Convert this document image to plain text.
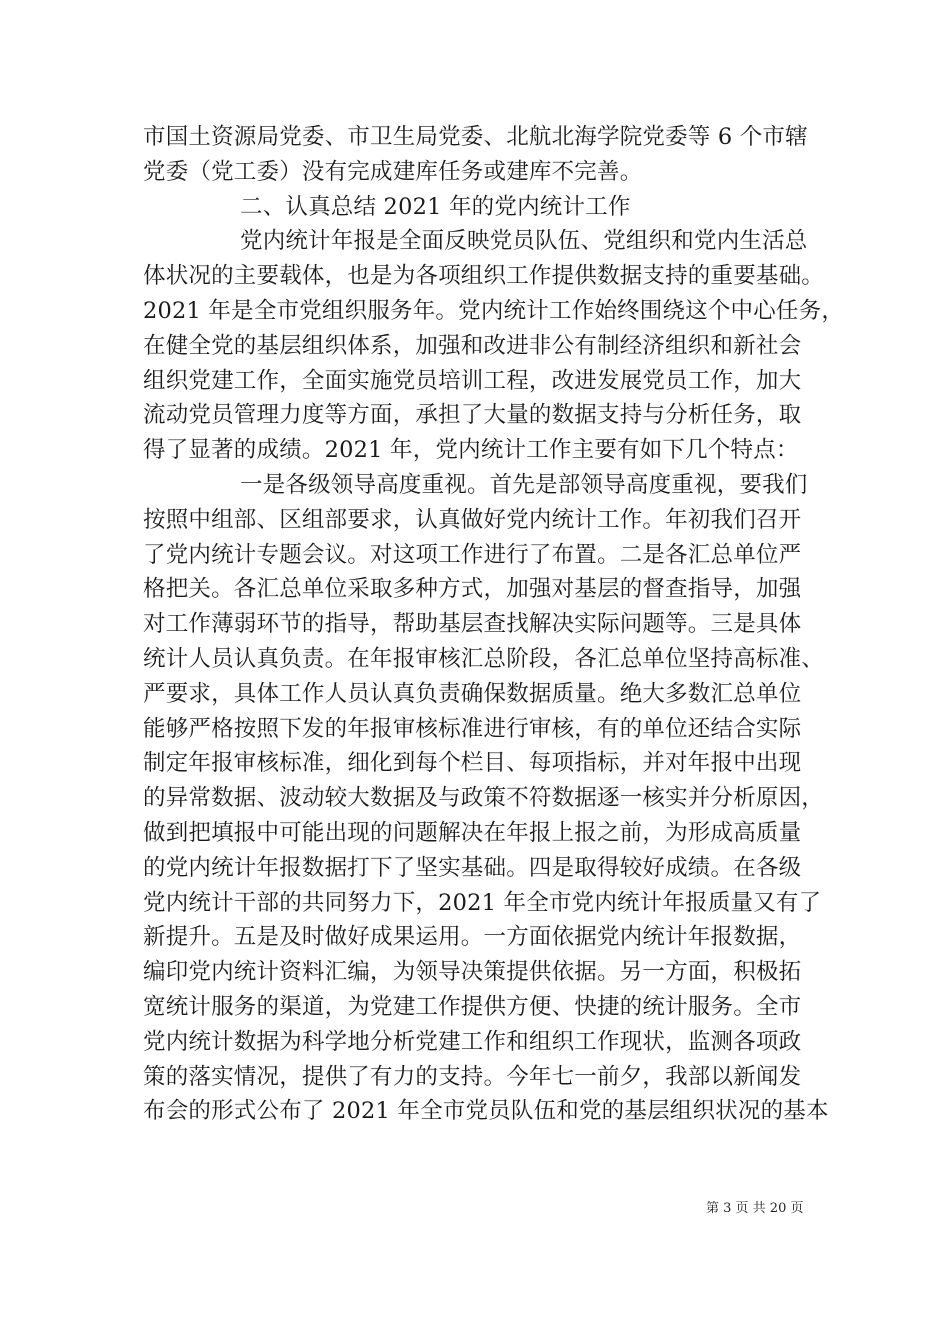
市国土资源局党委、市卫生局党委、北航北海学院党委等 6 个市辖
党委（党工委）没有完成建库任务或建库不完善。
二、认真总结 2021 年的党内统计工作
党内统计年报是全面反映党员队伍、党组织和党内生活总
体状况的主要载体，也是为各项组织工作提供数据支持的重要基础。
2021 年是全市党组织服务年。党内统计工作始终围绕这个中心任务，
在健全党的基层组织体系，加强和改进非公有制经济组织和新社会
组织党建工作，全面实施党员培训工程，改进发展党员工作，加大
流动党员管理力度等方面，承担了大量的数据支持与分析任务，取
得了显著的成绩。2021 年，党内统计工作主要有如下几个特点：
一是各级领导高度重视。首先是部领导高度重视，要我们
按照中组部、区组部要求，认真做好党内统计工作。年初我们召开
了党内统计专题会议。对这项工作进行了布置。二是各汇总单位严
格把关。各汇总单位采取多种方式，加强对基层的督查指导，加强
对工作薄弱环节的指导，帮助基层查找解决实际问题等。三是具体
统计人员认真负责。在年报审核汇总阶段，各汇总单位坚持高标准、
严要求，具体工作人员认真负责确保数据质量。绝大多数汇总单位
能够严格按照下发的年报审核标准进行审核，有的单位还结合实际
制定年报审核标准，细化到每个栏目、每项指标，并对年报中出现
的异常数据、波动较大数据及与政策不符数据逐一核实并分析原因，
做到把填报中可能出现的问题解决在年报上报之前，为形成高质量
的党内统计年报数据打下了坚实基础。四是取得较好成绩。在各级
党内统计干部的共同努力下，2021 年全市党内统计年报质量又有了
新提升。五是及时做好成果运用。一方面依据党内统计年报数据，
编印党内统计资料汇编，为领导决策提供依据。另一方面，积极拓
宽统计服务的渠道，为党建工作提供方便、快捷的统计服务。全市
党内统计数据为科学地分析党建工作和组织工作现状，监测各项政
策的落实情况，提供了有力的支持。今年七一前夕，我部以新闻发
布会的形式公布了 2021 年全市党员队伍和党的基层组织状况的基本
第 3 页 共 20 页
